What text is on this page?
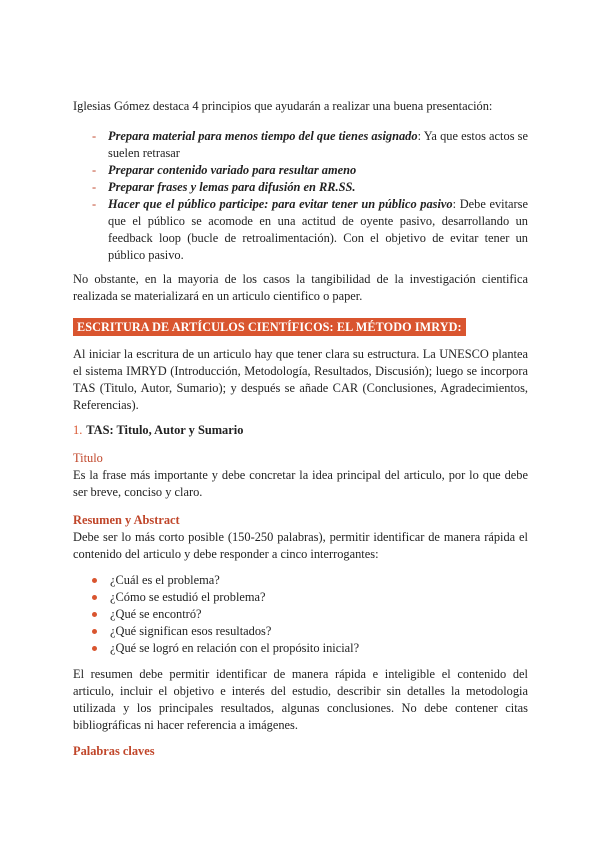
Iglesias Gómez destaca 4 principios que ayudarán a realizar una buena presentación:

- Prepara material para menos tiempo del que tienes asignado: Ya que estos actos se suelen retrasar
- Preparar contenido variado para resultar ameno
- Preparar frases y lemas para difusión en RR.SS.
- Hacer que el público participe: para evitar tener un público pasivo: Debe evitarse que el público se acomode en una actitud de oyente pasivo, desarrollando un feedback loop (bucle de retroalimentación). Con el objetivo de evitar tener un público pasivo.

No obstante, en la mayoria de los casos la tangibilidad de la investigación cientifica realizada se materializará en un articulo cientifico o paper.

ESCRITURA DE ARTÍCULOS CIENTÍFICOS: EL MÉTODO IMRYD:

Al iniciar la escritura de un articulo hay que tener clara su estructura. La UNESCO plantea el sistema IMRYD (Introducción, Metodología, Resultados, Discusión); luego se incorpora TAS (Titulo, Autor, Sumario); y después se añade CAR (Conclusiones, Agradecimientos, Referencias).

1. TAS: Titulo, Autor y Sumario
Titulo

Es la frase más importante y debe concretar la idea principal del articulo, por lo que debe ser breve, conciso y claro.

Resumen y Abstract

Debe ser lo más corto posible (150-250 palabras), permitir identificar de manera rápida el contenido del articulo y debe responder a cinco interrogantes:

¿Cuál es el problema?
¿Cómo se estudió el problema?
¿Qué se encontró?
¿Qué significan esos resultados?
¿Qué se logró en relación con el propósito inicial?

El resumen debe permitir identificar de manera rápida e inteligible el contenido del articulo, incluir el objetivo e interés del estudio, describir sin detalles la metodologia utilizada y los principales resultados, algunas conclusiones. No debe contener citas bibliográficas ni hacer referencia a imágenes.

Palabras claves
